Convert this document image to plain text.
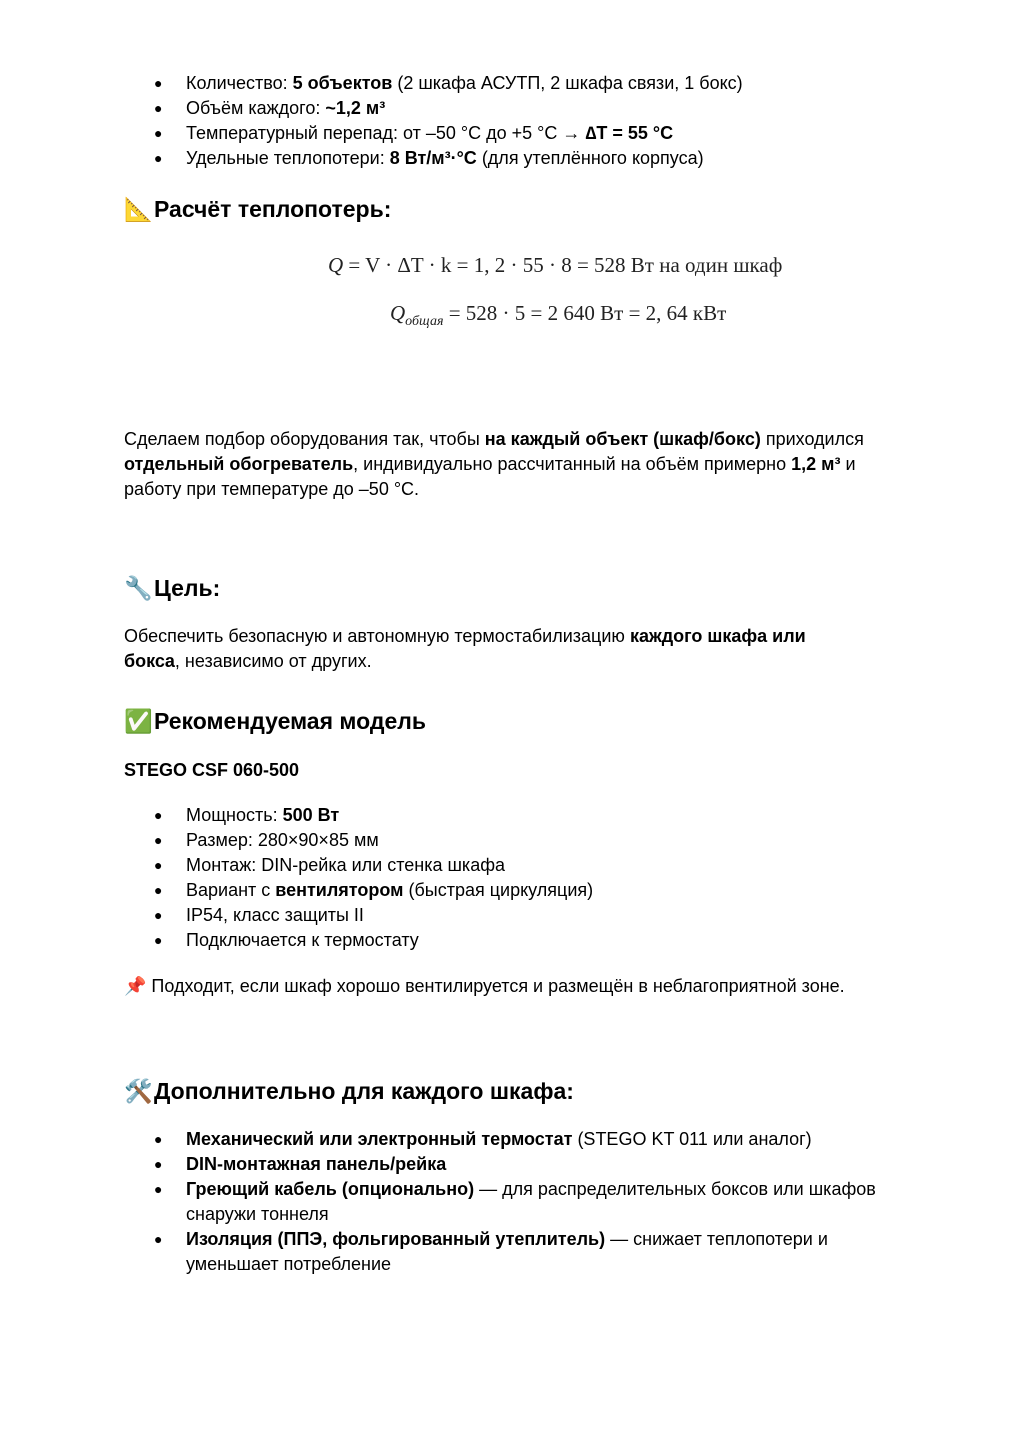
● Количество: 5 объектов (2 шкафа АСУТП, 2 шкафа связи, 1 бокс)
● Объём каждого: ~1,2 м³
● Температурный перепад: от –50 °C до +5 °C → ∆T = 55 °C
● Удельные теплопотери: 8 Вт/м³·°C (для утеплённого корпуса)
📐Расчёт теплопотерь:
Q = V · ΔT · k = 1, 2 · 55 · 8 = 528 Вт на один шкаф
$Q_{общая} = 528 \cdot 5 = 2$ 640 Вт = 2, 64 кВт

Сделаем подбор оборудования так, чтобы на каждый объект (шкаф/бокс) приходился отдельный обогреватель, индивидуально рассчитанный на объём примерно 1,2 м³ и работу при температуре до –50 °C.

🔧Цель:

Обеспечить безопасную и автономную термостабилизацию каждого шкафа или боксa, независимо от других.

✅Рекомендуемая модель

STEGO CSF 060-500

● Мощность: 500 Вт
● Размер: 280×90×85 мм
● Монтаж: DIN-рейка или стенка шкафа
● Вариант с вентилятором (быстрая циркуляция)
● IP54, класс защиты II
● Подключается к термостату

📌 Подходит, если шкаф хорошо вентилируется и размещён в неблагоприятной зоне.

🛠️Дополнительно для каждого шкафа:
● Механический или электронный термостат (STEGO KT 011 или аналог)
● DIN-монтажная панель/рейка
● Греющий кабель (опционально) — для распределительных боксов или шкафов снаружи тоннеля
● Изоляция (ППЭ, фольгированный утеплитель) — снижает теплопотери и уменьшает потребление
